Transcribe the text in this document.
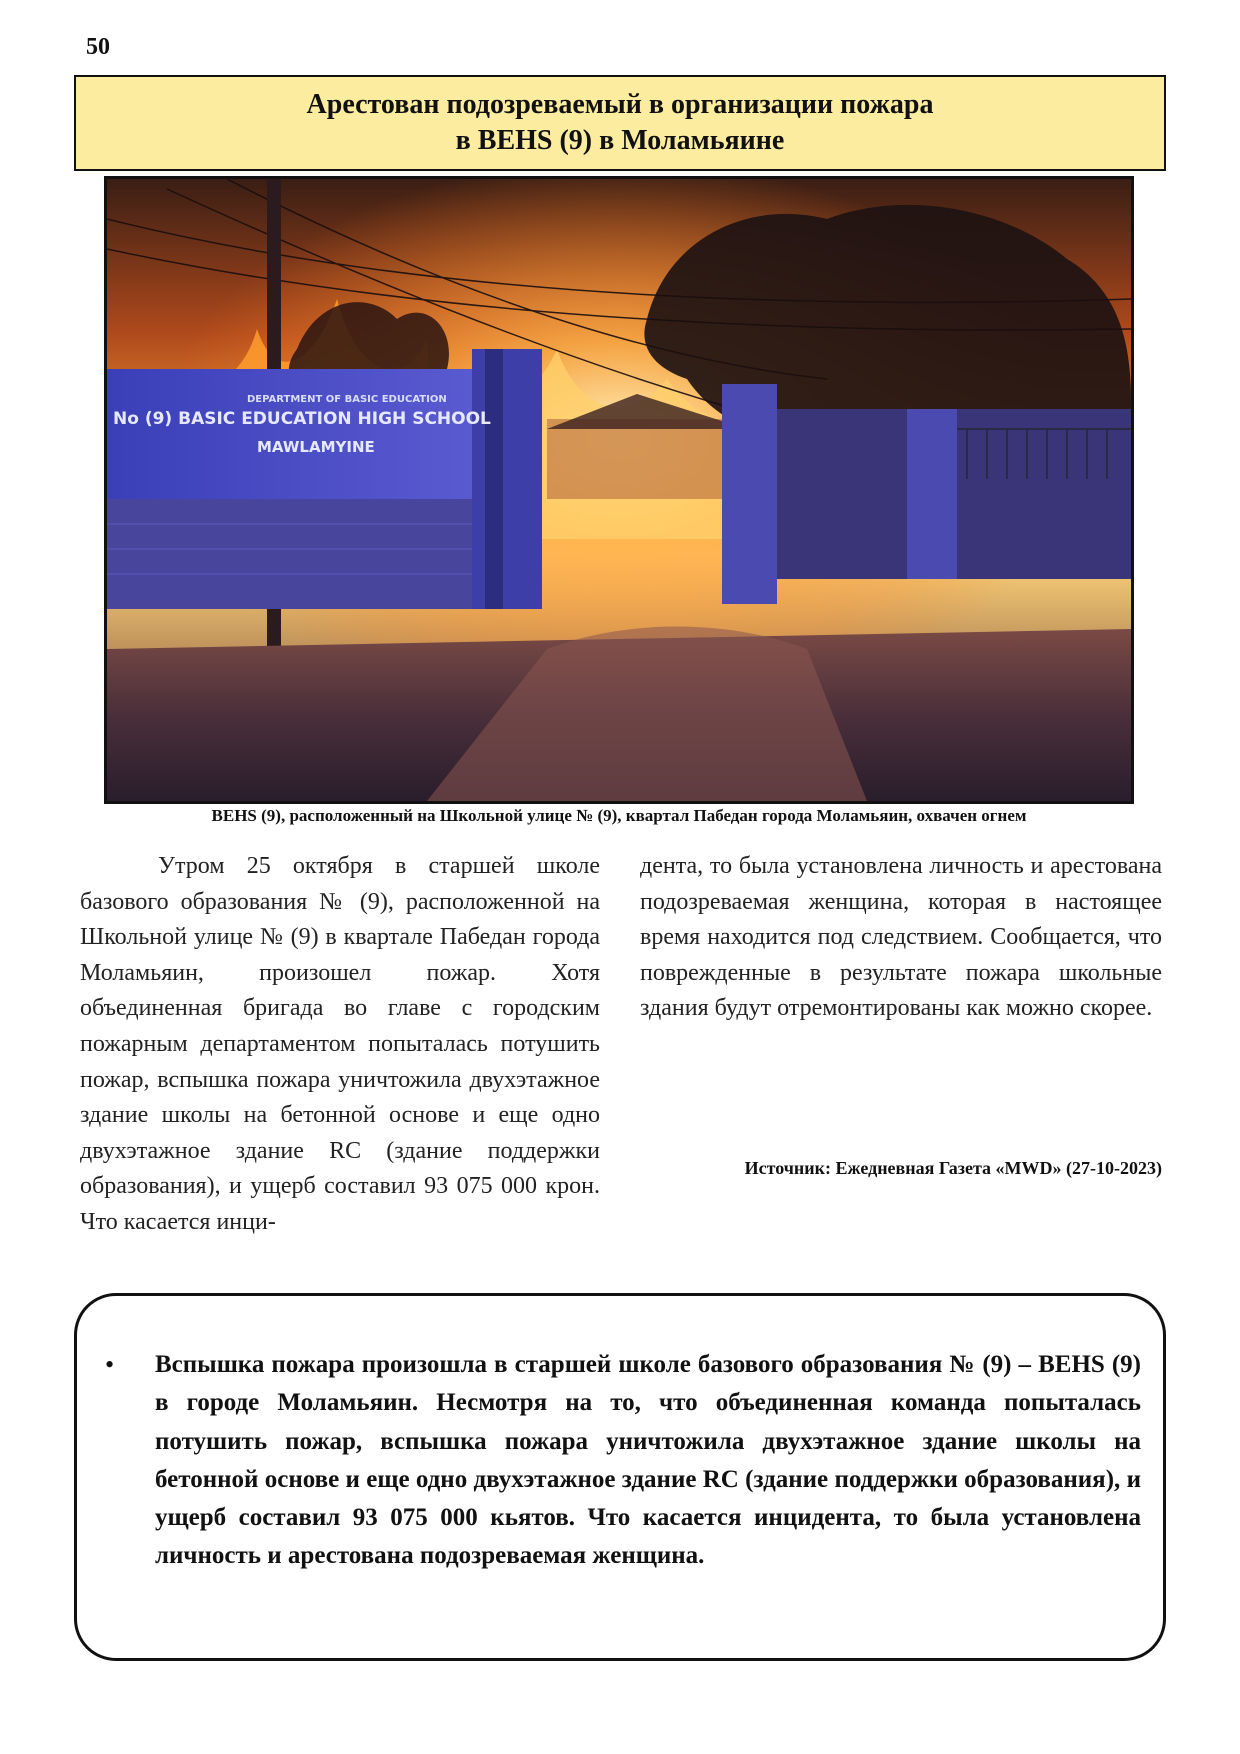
50
Арестован подозреваемый в организации пожара
в BEHS (9) в Моламьяине
DEPARTMENT OF BASIC EDUCATION
No (9) BASIC EDUCATION HIGH SCHOOL
MAWLAMYINE
BEHS (9), расположенный на Школьной улице № (9), квартал Пабедан города Моламьяин, охвачен огнем

Утром 25 октября в старшей школе базового образования № (9), расположенной на Школьной улице № (9) в квартале Пабедан города Моламьяин, произошел пожар. Хотя объединенная бригада во главе с городским пожарным департаментом попыталась потушить пожар, вспышка пожара уничтожила двухэтажное здание школы на бетонной основе и еще одно двухэтажное здание RC (здание поддержки образования), и ущерб составил 93 075 000 крон. Что касается инци-

дента, то была установлена личность и арестована подозреваемая женщина, которая в настоящее время находится под следствием. Сообщается, что поврежденные в результате пожара школьные здания будут отремонтированы как можно скорее.

Источник: Ежедневная Газета «MWD» (27-10-2023)
•	Вспышка пожара произошла в старшей школе базового образования № (9) – BEHS (9) в городе Моламьяин. Несмотря на то, что объединенная команда попыталась потушить пожар, вспышка пожара уничтожила двухэтажное здание школы на бетонной основе и еще одно двухэтажное здание RC (здание поддержки образования), и ущерб составил 93 075 000 кьятов. Что касается инцидента, то была установлена личность и арестована подозреваемая женщина.
